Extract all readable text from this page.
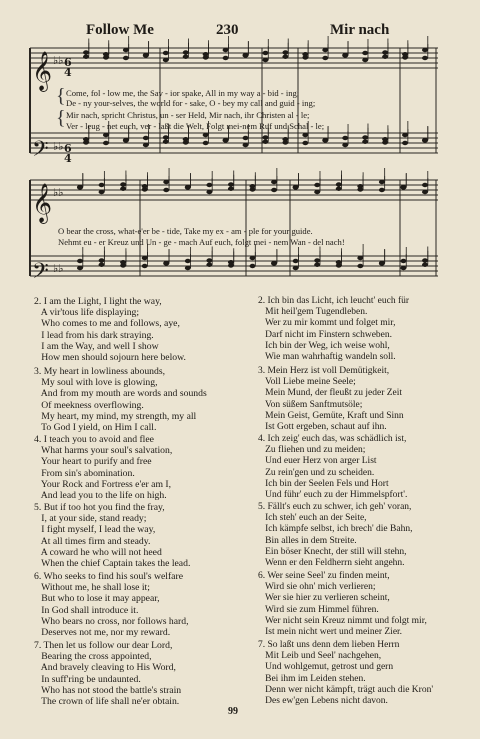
Follow Me	230	Mir nach
𝄞
𝄢
𝄞
𝄢
♭♭
♭♭
♭♭
♭♭
6
4
6
4
{
{
Come, fol - low me, the Sav - ior spake, All in my way a - bid - ing;
De - ny your-selves, the world for - sake, O - bey my call and guid - ing;
Mir nach, spricht Christus, un - ser Held, Mir nach, ihr Christen al - le;
Ver - leug - net euch, ver - laßt die Welt, Folgt mei-nem Ruf und Schal - le;
O bear the cross, what-e'er be - tide, Take my ex - am - ple for your guide.
Nehmt eu - er Kreuz und Un - ge - mach Auf euch, folgt mei - nem Wan - del nach!
2. I am the Light, I light the way,
A vir'tous life displaying;
Who comes to me and follows, aye,
I lead from his dark straying.
I am the Way, and well I show
How men should sojourn here below.
3. My heart in lowliness abounds,
My soul with love is glowing,
And from my mouth are words and sounds
Of meekness overflowing.
My heart, my mind, my strength, my all
To God I yield, on Him I call.
4. I teach you to avoid and flee
What harms your soul's salvation,
Your heart to purify and free
From sin's abomination.
Your Rock and Fortress e'er am I,
And lead you to the life on high.
5. But if too hot you find the fray,
I, at your side, stand ready;
I fight myself, I lead the way,
At all times firm and steady.
A coward he who will not heed
When the chief Captain takes the lead.
6. Who seeks to find his soul's welfare
Without me, he shall lose it;
But who to lose it may appear,
In God shall introduce it.
Who bears no cross, nor follows hard,
Deserves not me, nor my reward.
7. Then let us follow our dear Lord,
Bearing the cross appointed,
And bravely cleaving to His Word,
In suff'ring be undaunted.
Who has not stood the battle's strain
The crown of life shall ne'er obtain.
2. Ich bin das Licht, ich leucht' euch für
Mit heil'gem Tugendleben.
Wer zu mir kommt und folget mir,
Darf nicht im Finstern schweben.
Ich bin der Weg, ich weise wohl,
Wie man wahrhaftig wandeln soll.
3. Mein Herz ist voll Demütigkeit,
Voll Liebe meine Seele;
Mein Mund, der fleußt zu jeder Zeit
Von süßem Sanftmutsöle;
Mein Geist, Gemüte, Kraft und Sinn
Ist Gott ergeben, schaut auf ihn.
4. Ich zeig' euch das, was schädlich ist,
Zu fliehen und zu meiden;
Und euer Herz von arger List
Zu rein'gen und zu scheiden.
Ich bin der Seelen Fels und Hort
Und führ' euch zu der Himmelspfort'.
5. Fällt's euch zu schwer, ich geh' voran,
Ich steh' euch an der Seite,
Ich kämpfe selbst, ich brech' die Bahn,
Bin alles in dem Streite.
Ein böser Knecht, der still will stehn,
Wenn er den Feldherrn sieht angehn.
6. Wer seine Seel' zu finden meint,
Wird sie ohn' mich verlieren;
Wer sie hier zu verlieren scheint,
Wird sie zum Himmel führen.
Wer nicht sein Kreuz nimmt und folgt mir,
Ist mein nicht wert und meiner Zier.
7. So laßt uns denn dem lieben Herrn
Mit Leib und Seel' nachgehen,
Und wohlgemut, getrost und gern
Bei ihm im Leiden stehen.
Denn wer nicht kämpft, trägt auch die Kron'
Des ew'gen Lebens nicht davon.
99
